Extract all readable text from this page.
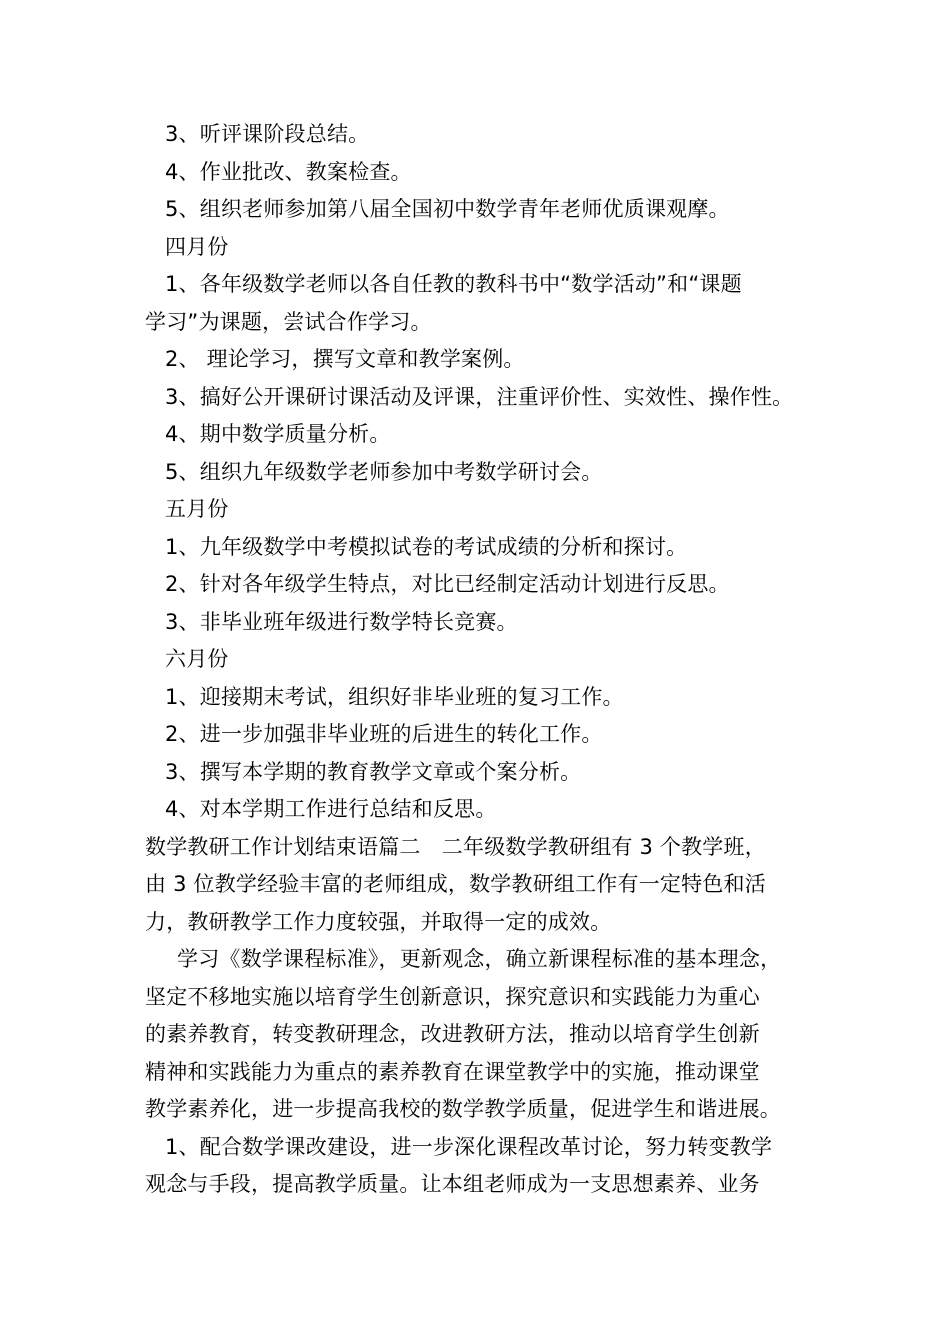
3、听评课阶段总结。
4、作业批改、教案检查。
5、组织老师参加第八届全国初中数学青年老师优质课观摩。
四月份
1、各年级数学老师以各自任教的教科书中“数学活动”和“课题
学习”为课题，尝试合作学习。
2、 理论学习，撰写文章和教学案例。
3、搞好公开课研讨课活动及评课，注重评价性、实效性、操作性。
4、期中数学质量分析。
5、组织九年级数学老师参加中考数学研讨会。
五月份
1、九年级数学中考模拟试卷的考试成绩的分析和探讨。
2、针对各年级学生特点，对比已经制定活动计划进行反思。
3、非毕业班年级进行数学特长竞赛。
六月份
1、迎接期末考试，组织好非毕业班的复习工作。
2、进一步加强非毕业班的后进生的转化工作。
3、撰写本学期的教育教学文章或个案分析。
4、对本学期工作进行总结和反思。
数学教研工作计划结束语篇二　二年级数学教研组有 3 个教学班，
由 3 位教学经验丰富的老师组成，数学教研组工作有一定特色和活
力，教研教学工作力度较强，并取得一定的成效。
学习《数学课程标准》，更新观念，确立新课程标准的基本理念，
坚定不移地实施以培育学生创新意识，探究意识和实践能力为重心
的素养教育，转变教研理念，改进教研方法，推动以培育学生创新
精神和实践能力为重点的素养教育在课堂教学中的实施，推动课堂
教学素养化，进一步提高我校的数学教学质量，促进学生和谐进展。
1、配合数学课改建设，进一步深化课程改革讨论，努力转变教学
观念与手段，提高教学质量。让本组老师成为一支思想素养、业务
